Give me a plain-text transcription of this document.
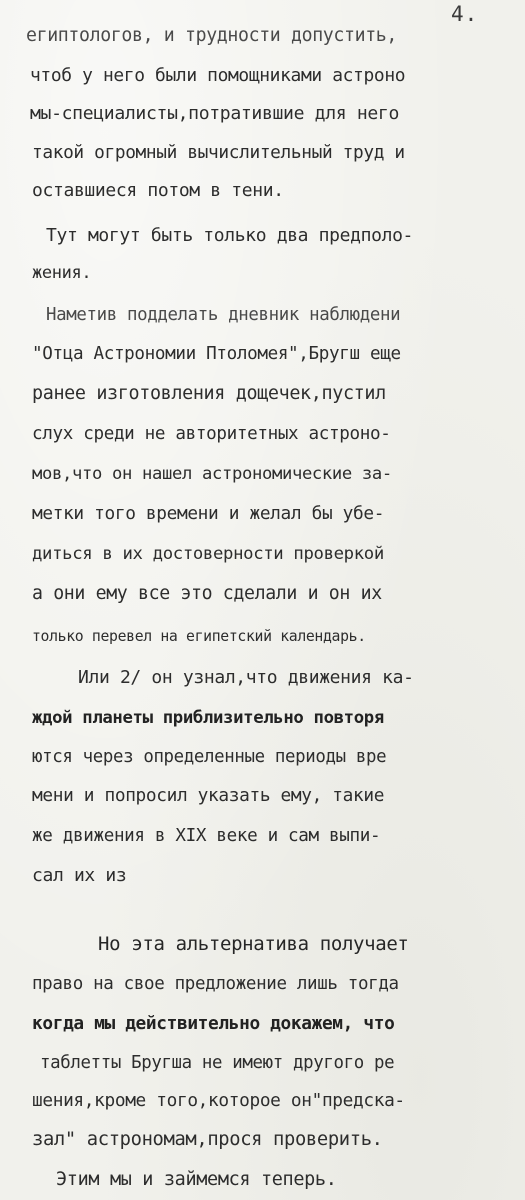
4.
египтологов, и трудности допустить,
чтоб у него были помощниками астроно
мы-специалисты,потратившие для него
такой огромный вычислительный труд и
оставшиеся потом в тени.
Тут могут быть только два предполо-
жения.
Наметив подделать дневник наблюдени
"Отца Астрономии Птоломея",Бругш еще
ранее изготовления дощечек,пустил
слух среди не авторитетных астроно-
мов,что он нашел астрономические за-
метки того времени и желал бы убе-
диться в их достоверности проверкой
а они ему все это сделали и он их
только перевел на египетский календарь.
Или 2/ он узнал,что движения ка-
ждой планеты приблизительно повторя
ются через определенные периоды вре
мени и попросил указать ему, такие
же движения в XIX веке и сам выпи-
сал их из
Но эта альтернатива получает
право на свое предложение лишь тогда
когда мы действительно докажем, что
таблетты Бругша не имеют другого ре
шения,кроме того,которое он"предска-
зал" астрономам,прося проверить.
Этим мы и займемся теперь.
